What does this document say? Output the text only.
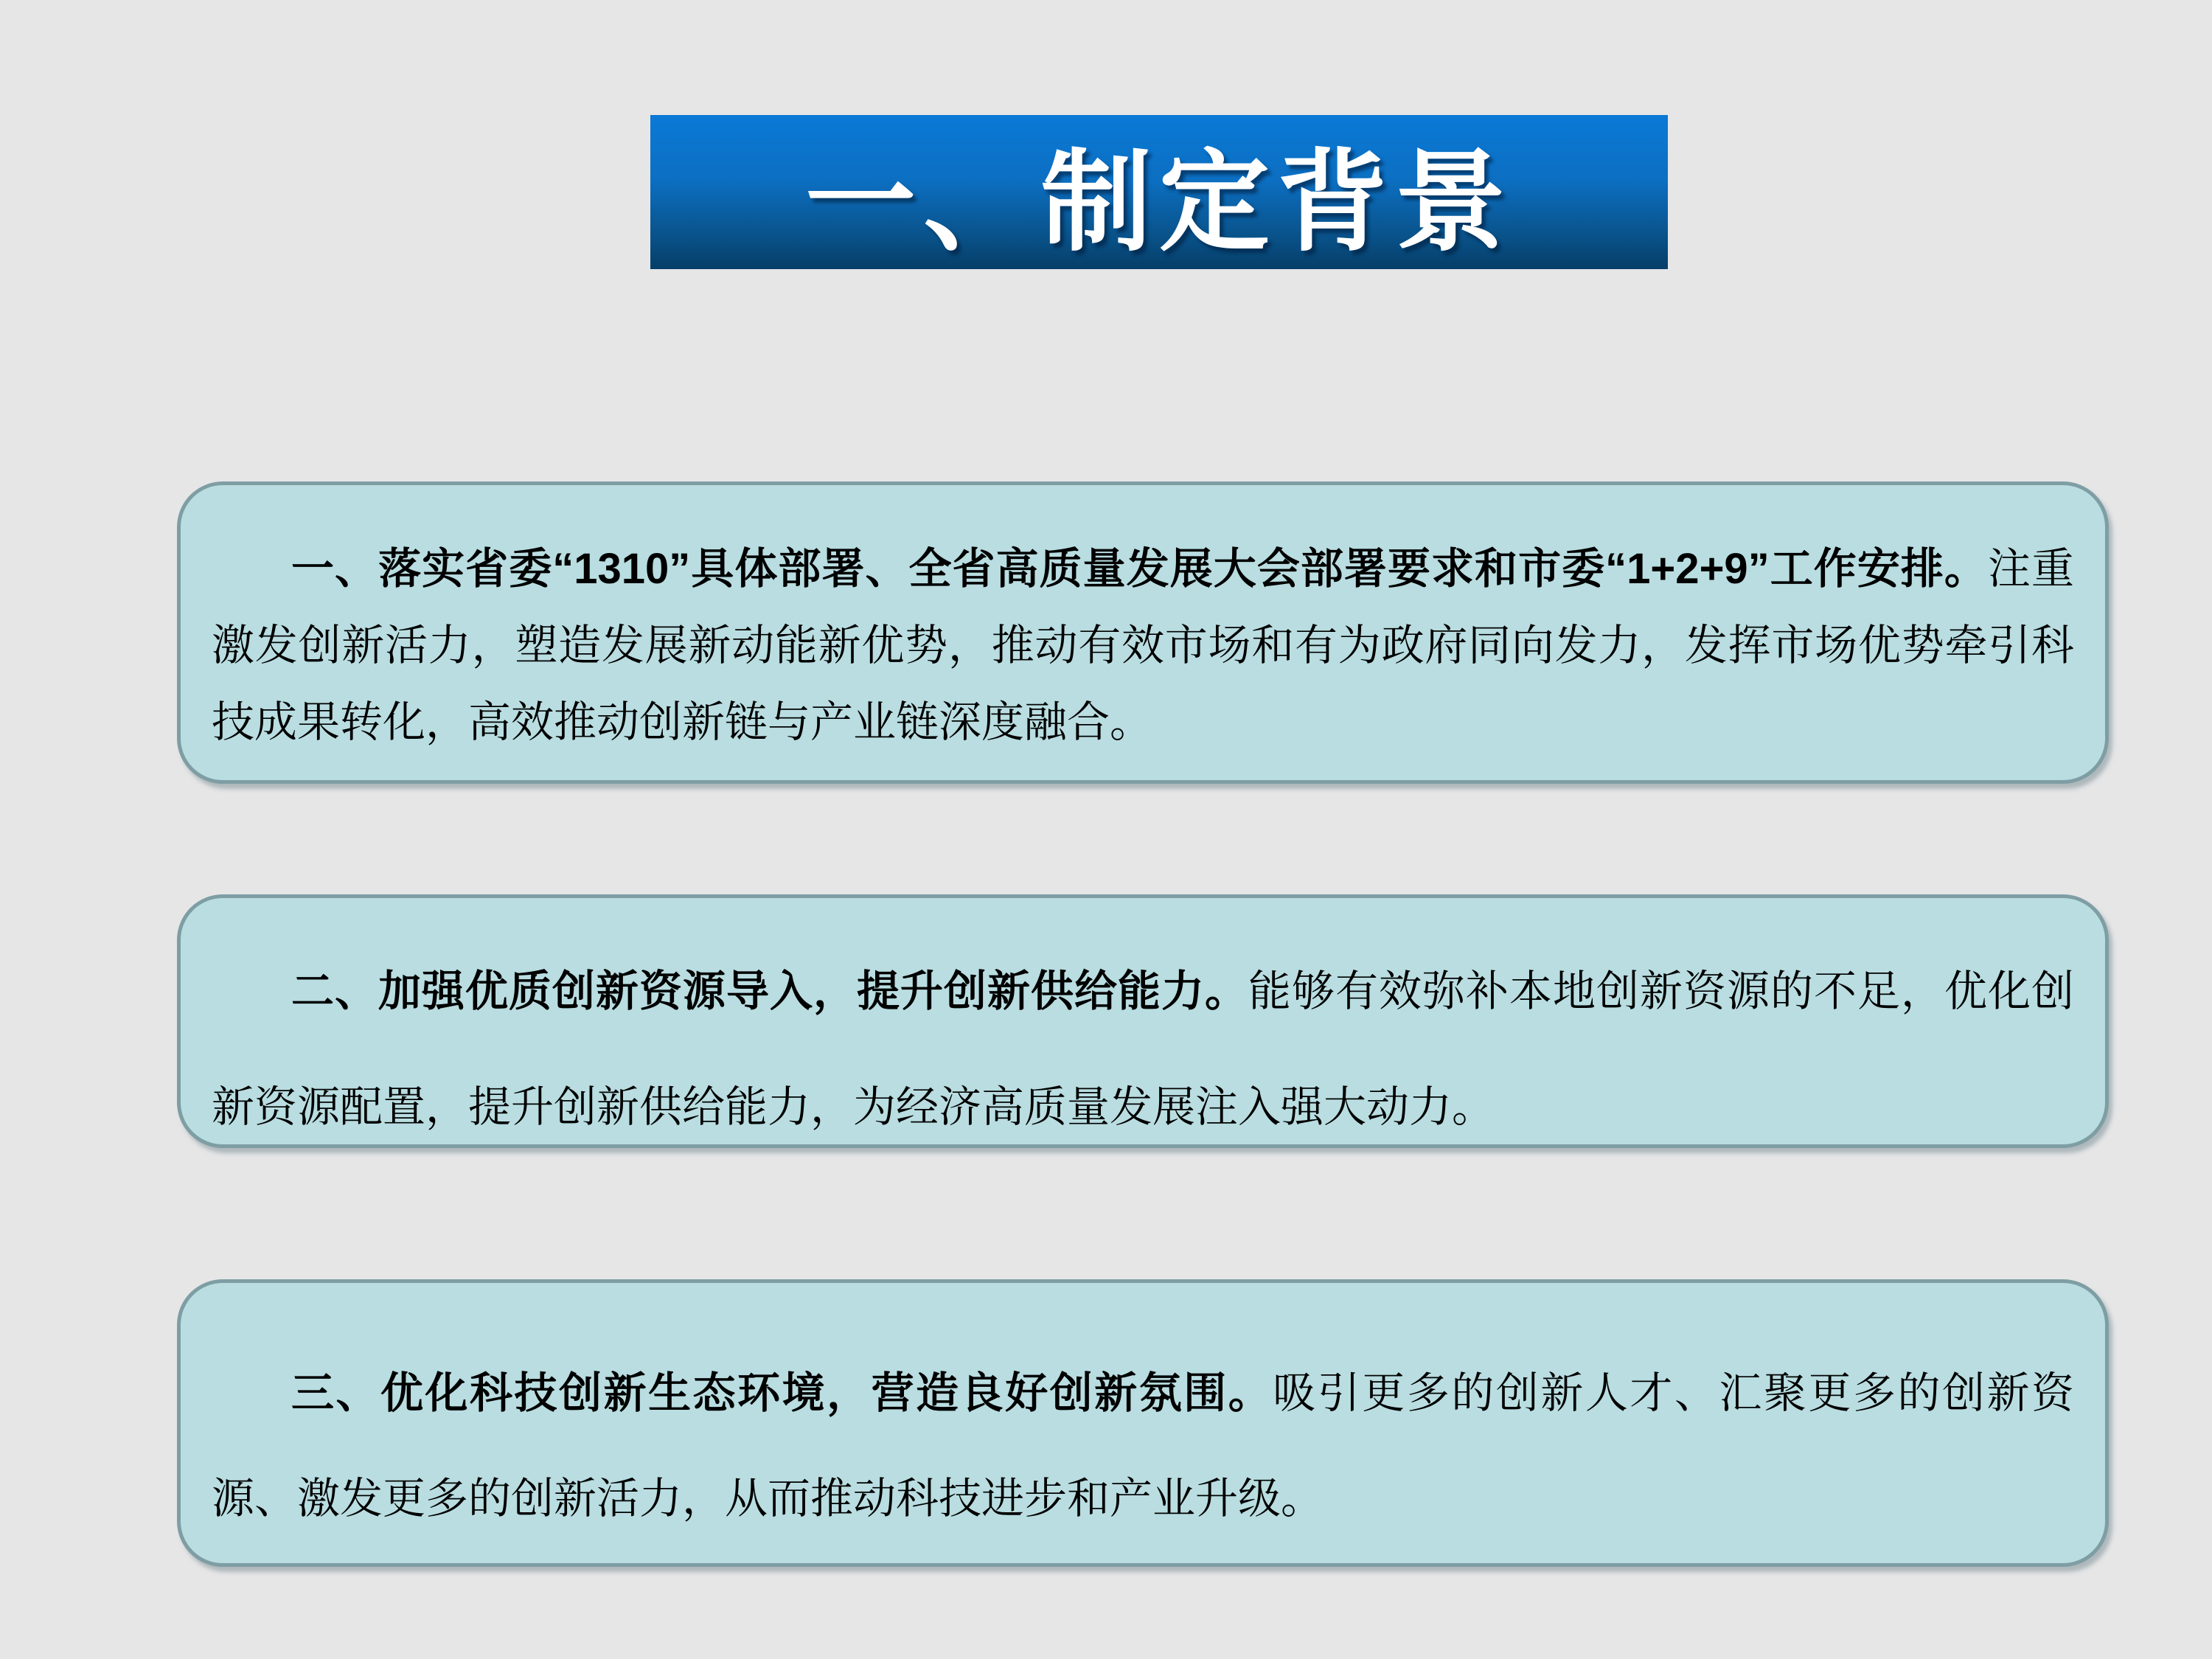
一、制定背景

一、落实省委“1310”具体部署、全省高质量发展大会部署要求和市委“1+2+9”工作安排。注重激发创新活力，塑造发展新动能新优势，推动有效市场和有为政府同向发力，发挥市场优势牵引科技成果转化，高效推动创新链与产业链深度融合。

二、加强优质创新资源导入，提升创新供给能力。能够有效弥补本地创新资源的不足，优化创新资源配置，提升创新供给能力，为经济高质量发展注入强大动力。

三、优化科技创新生态环境，营造良好创新氛围。吸引更多的创新人才、汇聚更多的创新资源、激发更多的创新活力，从而推动科技进步和产业升级。
